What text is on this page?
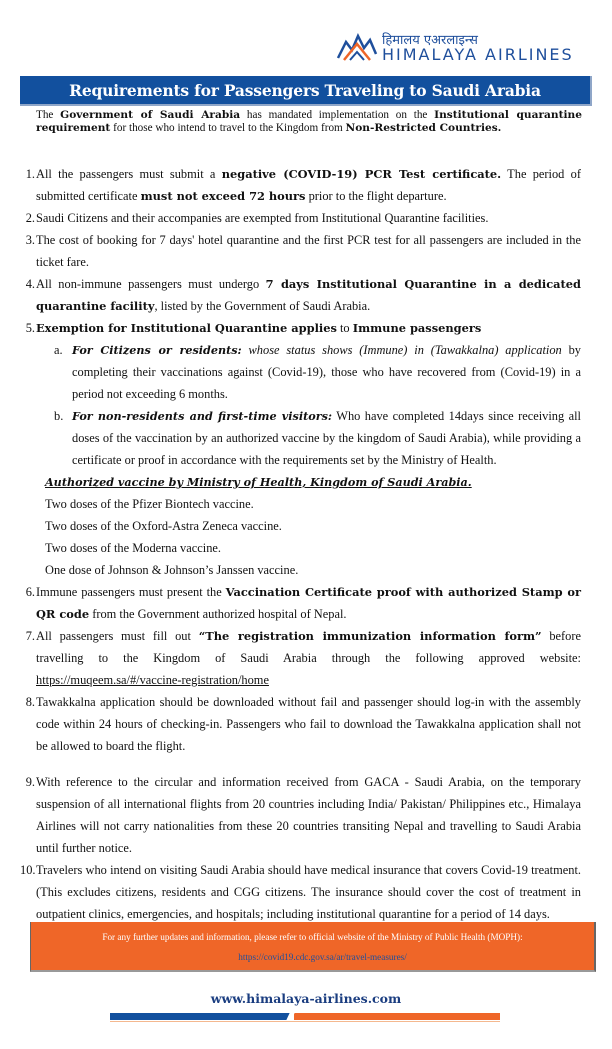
हिमालय एअरलाइन्स
HIMALAYA AIRLINES
Requirements for Passengers Traveling to Saudi Arabia
The Government of Saudi Arabia has mandated implementation on the Institutional quarantine requirement for those who intend to travel to the Kingdom from Non-Restricted Countries.
1. All the passengers must submit a negative (COVID-19) PCR Test certificate. The period of submitted certificate must not exceed 72 hours prior to the flight departure.
2. Saudi Citizens and their accompanies are exempted from Institutional Quarantine facilities.
3. The cost of booking for 7 days' hotel quarantine and the first PCR test for all passengers are included in the ticket fare.
4. All non-immune passengers must undergo 7 days Institutional Quarantine in a dedicated quarantine facility, listed by the Government of Saudi Arabia.
5. Exemption for Institutional Quarantine applies to Immune passengers
a. For Citizens or residents: whose status shows (Immune) in (Tawakkalna) application by completing their vaccinations against (Covid-19), those who have recovered from (Covid-19) in a period not exceeding 6 months.
b. For non-residents and first-time visitors: Who have completed 14days since receiving all doses of the vaccination by an authorized vaccine by the kingdom of Saudi Arabia), while providing a certificate or proof in accordance with the requirements set by the Ministry of Health.
Authorized vaccine by Ministry of Health, Kingdom of Saudi Arabia.
Two doses of the Pfizer Biontech vaccine.
Two doses of the Oxford-Astra Zeneca vaccine.
Two doses of the Moderna vaccine.
One dose of Johnson & Johnson’s Janssen vaccine.
6. Immune passengers must present the Vaccination Certificate proof with authorized Stamp or QR code from the Government authorized hospital of Nepal.
7. All passengers must fill out “The registration immunization information form” before travelling to the Kingdom of Saudi Arabia through the following approved website: https://muqeem.sa/#/vaccine-registration/home
8. Tawakkalna application should be downloaded without fail and passenger should log-in with the assembly code within 24 hours of checking-in. Passengers who fail to download the Tawakkalna application shall not be allowed to board the flight.
9. With reference to the circular and information received from GACA - Saudi Arabia, on the temporary suspension of all international flights from 20 countries including India/ Pakistan/ Philippines etc., Himalaya Airlines will not carry nationalities from these 20 countries transiting Nepal and travelling to Saudi Arabia until further notice.
10. Travelers who intend on visiting Saudi Arabia should have medical insurance that covers Covid-19 treatment. (This excludes citizens, residents and CGG citizens. The insurance should cover the cost of treatment in outpatient clinics, emergencies, and hospitals; including institutional quarantine for a period of 14 days.
For any further updates and information, please refer to official website of the Ministry of Public Health (MOPH):
https://covid19.cdc.gov.sa/ar/travel-measures/
www.himalaya-airlines.com
